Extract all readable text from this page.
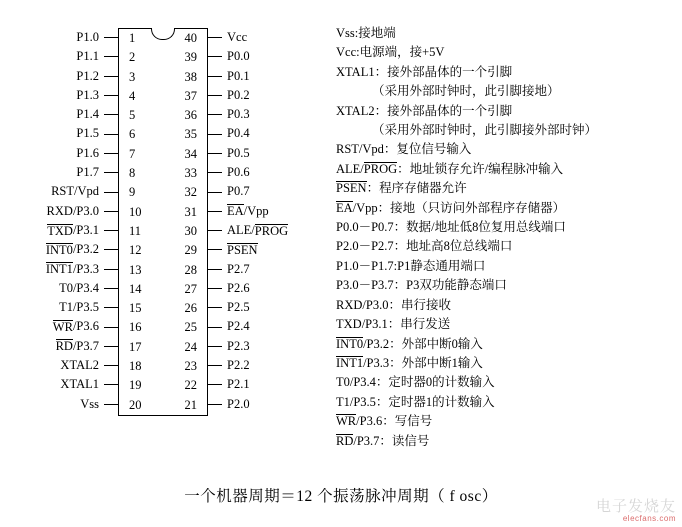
P1.0
P1.1
P1.2
P1.3
P1.4
P1.5
P1.6
P1.7
RST/Vpd
RXD/P3.0
TXD /P3.1
INT0 /P3.2
INT1 /P3.3
T0/P3.4
T1/P3.5
WR /P3.6
RD /P3.7
XTAL2
XTAL1
Vss
1
2
3
4
5
6
7
8
9
10
11
12
13
14
15
16
17
18
19
20
40
39
38
37
36
35
34
33
32
31
30
29
28
27
26
25
24
23
22
21
Vcc
P0.0
P0.1
P0.2
P0.3
P0.4
P0.5
P0.6
P0.7
EA /Vpp
ALE/ PROG
PSEN
P2.7
P2.6
P2.5
P2.4
P2.3
P2.2
P2.1
P2.0
Vss:接地端
Vcc:电源端，接+5V
XTAL1：接外部晶体的一个引脚
（采用外部时钟时，此引脚接地）
XTAL2：接外部晶体的一个引脚
（采用外部时钟时，此引脚接外部时钟）
RST/Vpd：复位信号输入
ALE/PROG：地址锁存允许/编程脉冲输入
PSEN：程序存储器允许
EA/Vpp：接地（只访问外部程序存储器）
P0.0－P0.7：数据/地址低8位复用总线端口
P2.0－P2.7：地址高8位总线端口
P1.0－P1.7:P1静态通用端口
P3.0－P3.7：P3双功能静态端口
RXD/P3.0：串行接收
TXD/P3.1：串行发送
INT0/P3.2：外部中断0输入
INT1/P3.3：外部中断1输入
T0/P3.4：定时器0的计数输入
T1/P3.5：定时器1的计数输入
WR/P3.6：写信号
RD/P3.7：读信号
一个机器周期＝12 个振荡脉冲周期（ f osc）
电子发烧友
elecfans.com
